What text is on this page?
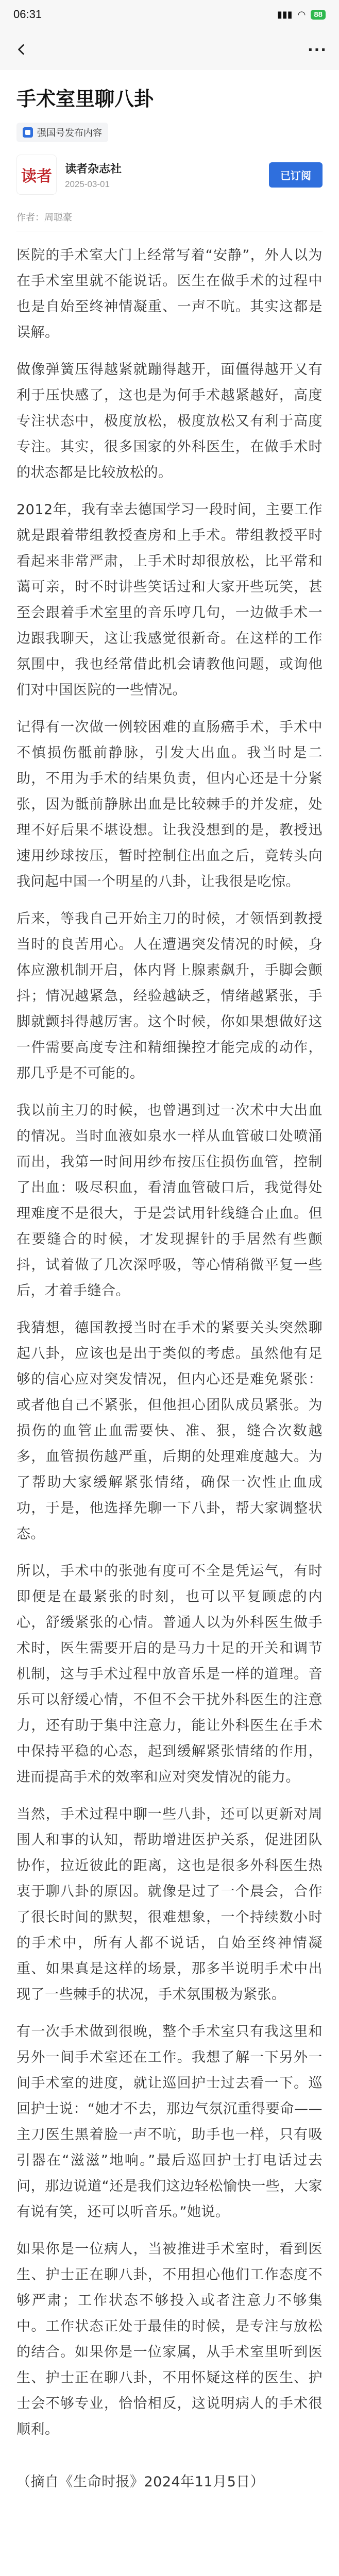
06:31	▮▮▮ ◠	88
···
手术室里聊八卦
强国号发布内容
读者	读者杂志社
2025-03-01
已订阅
作者：周聪豪
医院的手术室大门上经常写着“安静”，外人以为在手术室里就不能说话。医生在做手术的过程中也是自始至终神情凝重、一声不吭。其实这都是误解。
做像弹簧压得越紧就蹦得越开，面僵得越开又有利于压快感了，这也是为何手术越紧越好，高度专注状态中，极度放松，极度放松又有利于高度专注。其实，很多国家的外科医生，在做手术时的状态都是比较放松的。
2012年，我有幸去德国学习一段时间，主要工作就是跟着带组教授查房和上手术。带组教授平时看起来非常严肃，上手术时却很放松，比平常和蔼可亲，时不时讲些笑话过和大家开些玩笑，甚至会跟着手术室里的音乐哼几句，一边做手术一边跟我聊天，这让我感觉很新奇。在这样的工作氛围中，我也经常借此机会请教他问题，或询他们对中国医院的一些情况。
记得有一次做一例较困难的直肠癌手术，手术中不慎损伤骶前静脉，引发大出血。我当时是二助，不用为手术的结果负责，但内心还是十分紧张，因为骶前静脉出血是比较棘手的并发症，处理不好后果不堪设想。让我没想到的是，教授迅速用纱球按压，暂时控制住出血之后，竟转头向我问起中国一个明星的八卦，让我很是吃惊。
后来，等我自己开始主刀的时候，才领悟到教授当时的良苦用心。人在遭遇突发情况的时候，身体应激机制开启，体内肾上腺素飙升，手脚会颤抖；情况越紧急，经验越缺乏，情绪越紧张，手脚就颤抖得越厉害。这个时候，你如果想做好这一件需要高度专注和精细操控才能完成的动作，那几乎是不可能的。
我以前主刀的时候，也曾遇到过一次术中大出血的情况。当时血液如泉水一样从血管破口处喷涌而出，我第一时间用纱布按压住损伤血管，控制了出血：吸尽积血，看清血管破口后，我觉得处理难度不是很大，于是尝试用针线缝合止血。但在要缝合的时候，才发现握针的手居然有些颤抖，试着做了几次深呼吸，等心情稍微平复一些后，才着手缝合。
我猜想，德国教授当时在手术的紧要关头突然聊起八卦，应该也是出于类似的考虑。虽然他有足够的信心应对突发情况，但内心还是难免紧张：或者他自己不紧张，但他担心团队成员紧张。为损伤的血管止血需要快、准、狠，缝合次数越多，血管损伤越严重，后期的处理难度越大。为了帮助大家缓解紧张情绪，确保一次性止血成功，于是，他选择先聊一下八卦，帮大家调整状态。
所以，手术中的张弛有度可不全是凭运气，有时即便是在最紧张的时刻，也可以平复顾虑的内心，舒缓紧张的心情。普通人以为外科医生做手术时，医生需要开启的是马力十足的开关和调节机制，这与手术过程中放音乐是一样的道理。音乐可以舒缓心情，不但不会干扰外科医生的注意力，还有助于集中注意力，能让外科医生在手术中保持平稳的心态，起到缓解紧张情绪的作用，进而提高手术的效率和应对突发情况的能力。
当然，手术过程中聊一些八卦，还可以更新对周围人和事的认知，帮助增进医护关系，促进团队协作，拉近彼此的距离，这也是很多外科医生热衷于聊八卦的原因。就像是过了一个晨会，合作了很长时间的默契，很难想象，一个持续数小时的手术中，所有人都不说话，自始至终神情凝重、如果真是这样的场景，那多半说明手术中出现了一些棘手的状况，手术氛围极为紧张。
有一次手术做到很晚，整个手术室只有我这里和另外一间手术室还在工作。我想了解一下另外一间手术室的进度，就让巡回护士过去看一下。巡回护士说：“她才不去，那边气氛沉重得要命——主刀医生黑着脸一声不吭，助手也一样，只有吸引器在“滋滋”地响。”最后巡回护士打电话过去问，那边说道“还是我们这边轻松愉快一些，大家有说有笑，还可以听音乐。”她说。
如果你是一位病人，当被推进手术室时，看到医生、护士正在聊八卦，不用担心他们工作态度不够严肃；工作状态不够投入或者注意力不够集中。工作状态正处于最佳的时候，是专注与放松的结合。如果你是一位家属，从手术室里听到医生、护士正在聊八卦，不用怀疑这样的医生、护士会不够专业，恰恰相反，这说明病人的手术很顺利。
（摘自《生命时报》2024年11月5日）
